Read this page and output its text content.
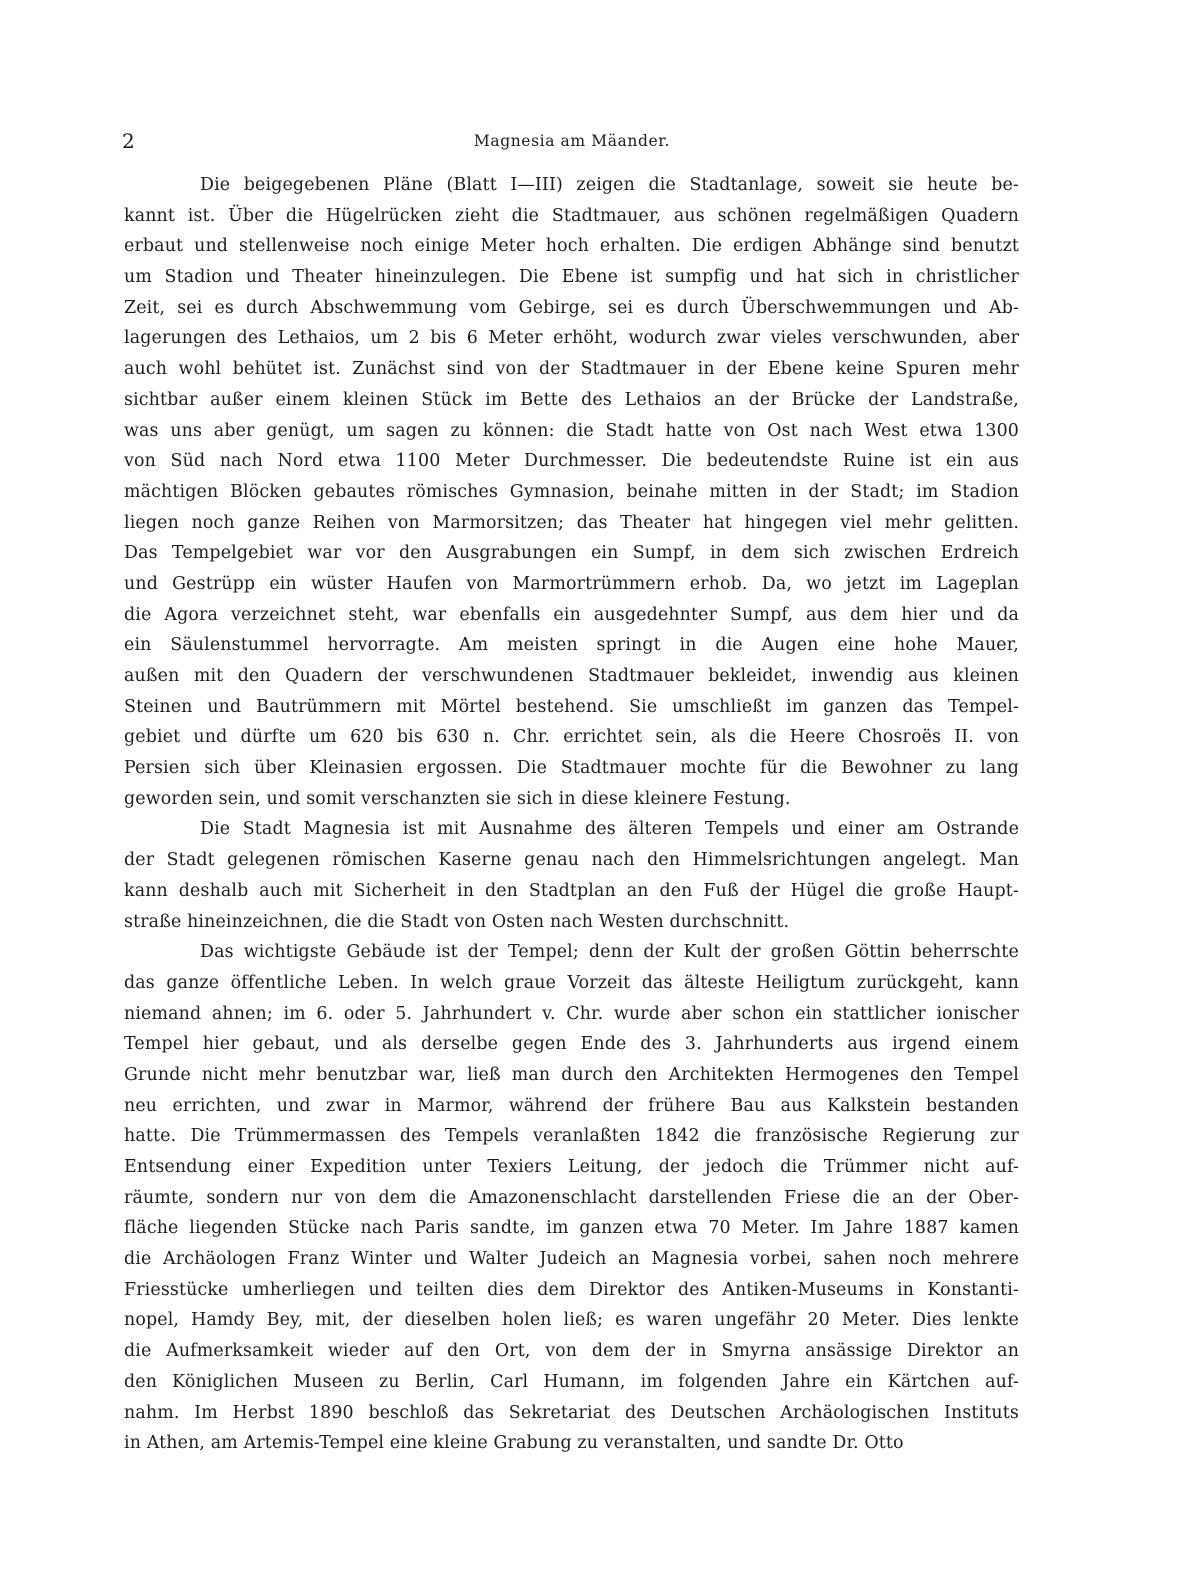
2	Magnesia am Mäander.

Die beigegebenen Pläne (Blatt I—III) zeigen die Stadtanlage, soweit sie heute be-
kannt ist. Über die Hügelrücken zieht die Stadtmauer, aus schönen regelmäßigen Quadern
erbaut und stellenweise noch einige Meter hoch erhalten. Die erdigen Abhänge sind benutzt
um Stadion und Theater hineinzulegen. Die Ebene ist sumpfig und hat sich in christlicher
Zeit, sei es durch Abschwemmung vom Gebirge, sei es durch Überschwemmungen und Ab-
lagerungen des Lethaios, um 2 bis 6 Meter erhöht, wodurch zwar vieles verschwunden, aber
auch wohl behütet ist. Zunächst sind von der Stadtmauer in der Ebene keine Spuren mehr
sichtbar außer einem kleinen Stück im Bette des Lethaios an der Brücke der Landstraße,
was uns aber genügt, um sagen zu können: die Stadt hatte von Ost nach West etwa 1300
von Süd nach Nord etwa 1100 Meter Durchmesser. Die bedeutendste Ruine ist ein aus
mächtigen Blöcken gebautes römisches Gymnasion, beinahe mitten in der Stadt; im Stadion
liegen noch ganze Reihen von Marmorsitzen; das Theater hat hingegen viel mehr gelitten.
Das Tempelgebiet war vor den Ausgrabungen ein Sumpf, in dem sich zwischen Erdreich
und Gestrüpp ein wüster Haufen von Marmortrümmern erhob. Da, wo jetzt im Lageplan
die Agora verzeichnet steht, war ebenfalls ein ausgedehnter Sumpf, aus dem hier und da
ein Säulenstummel hervorragte. Am meisten springt in die Augen eine hohe Mauer,
außen mit den Quadern der verschwundenen Stadtmauer bekleidet, inwendig aus kleinen
Steinen und Bautrümmern mit Mörtel bestehend. Sie umschließt im ganzen das Tempel-
gebiet und dürfte um 620 bis 630 n. Chr. errichtet sein, als die Heere Chosroës II. von
Persien sich über Kleinasien ergossen. Die Stadtmauer mochte für die Bewohner zu lang
geworden sein, und somit verschanzten sie sich in diese kleinere Festung.

Die Stadt Magnesia ist mit Ausnahme des älteren Tempels und einer am Ostrande
der Stadt gelegenen römischen Kaserne genau nach den Himmelsrichtungen angelegt. Man
kann deshalb auch mit Sicherheit in den Stadtplan an den Fuß der Hügel die große Haupt-
straße hineinzeichnen, die die Stadt von Osten nach Westen durchschnitt.

Das wichtigste Gebäude ist der Tempel; denn der Kult der großen Göttin beherrschte
das ganze öffentliche Leben. In welch graue Vorzeit das älteste Heiligtum zurückgeht, kann
niemand ahnen; im 6. oder 5. Jahrhundert v. Chr. wurde aber schon ein stattlicher ionischer
Tempel hier gebaut, und als derselbe gegen Ende des 3. Jahrhunderts aus irgend einem
Grunde nicht mehr benutzbar war, ließ man durch den Architekten Hermogenes den Tempel
neu errichten, und zwar in Marmor, während der frühere Bau aus Kalkstein bestanden
hatte. Die Trümmermassen des Tempels veranlaßten 1842 die französische Regierung zur
Entsendung einer Expedition unter Texiers Leitung, der jedoch die Trümmer nicht auf-
räumte, sondern nur von dem die Amazonenschlacht darstellenden Friese die an der Ober-
fläche liegenden Stücke nach Paris sandte, im ganzen etwa 70 Meter. Im Jahre 1887 kamen
die Archäologen Franz Winter und Walter Judeich an Magnesia vorbei, sahen noch mehrere
Friesstücke umherliegen und teilten dies dem Direktor des Antiken-Museums in Konstanti-
nopel, Hamdy Bey, mit, der dieselben holen ließ; es waren ungefähr 20 Meter. Dies lenkte
die Aufmerksamkeit wieder auf den Ort, von dem der in Smyrna ansässige Direktor an
den Königlichen Museen zu Berlin, Carl Humann, im folgenden Jahre ein Kärtchen auf-
nahm. Im Herbst 1890 beschloß das Sekretariat des Deutschen Archäologischen Instituts
in Athen, am Artemis-Tempel eine kleine Grabung zu veranstalten, und sandte Dr. Otto
